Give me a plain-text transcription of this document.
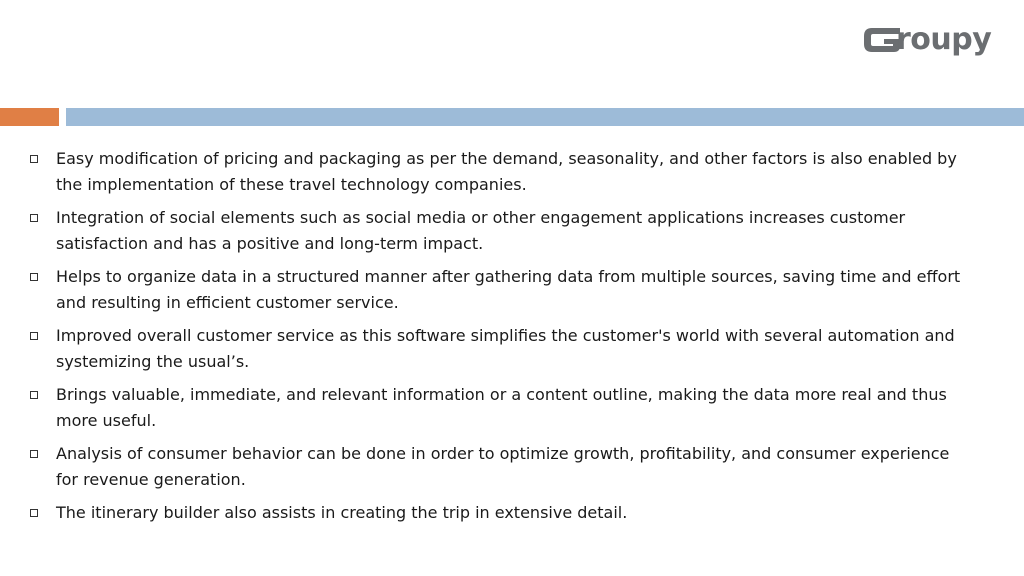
roupy
Easy modification of pricing and packaging as per the demand, seasonality, and other factors is also enabled by the implementation of these travel technology companies.
Integration of social elements such as social media or other engagement applications increases customer satisfaction and has a positive and long-term impact.
Helps to organize data in a structured manner after gathering data from multiple sources, saving time and effort and resulting in efficient customer service.
Improved overall customer service as this software simplifies the customer's world with several automation and systemizing the usual’s.
Brings valuable, immediate, and relevant information or a content outline, making the data more real and thus more useful.
Analysis of consumer behavior can be done in order to optimize growth, profitability, and consumer experience for revenue generation.
The itinerary builder also assists in creating the trip in extensive detail.
